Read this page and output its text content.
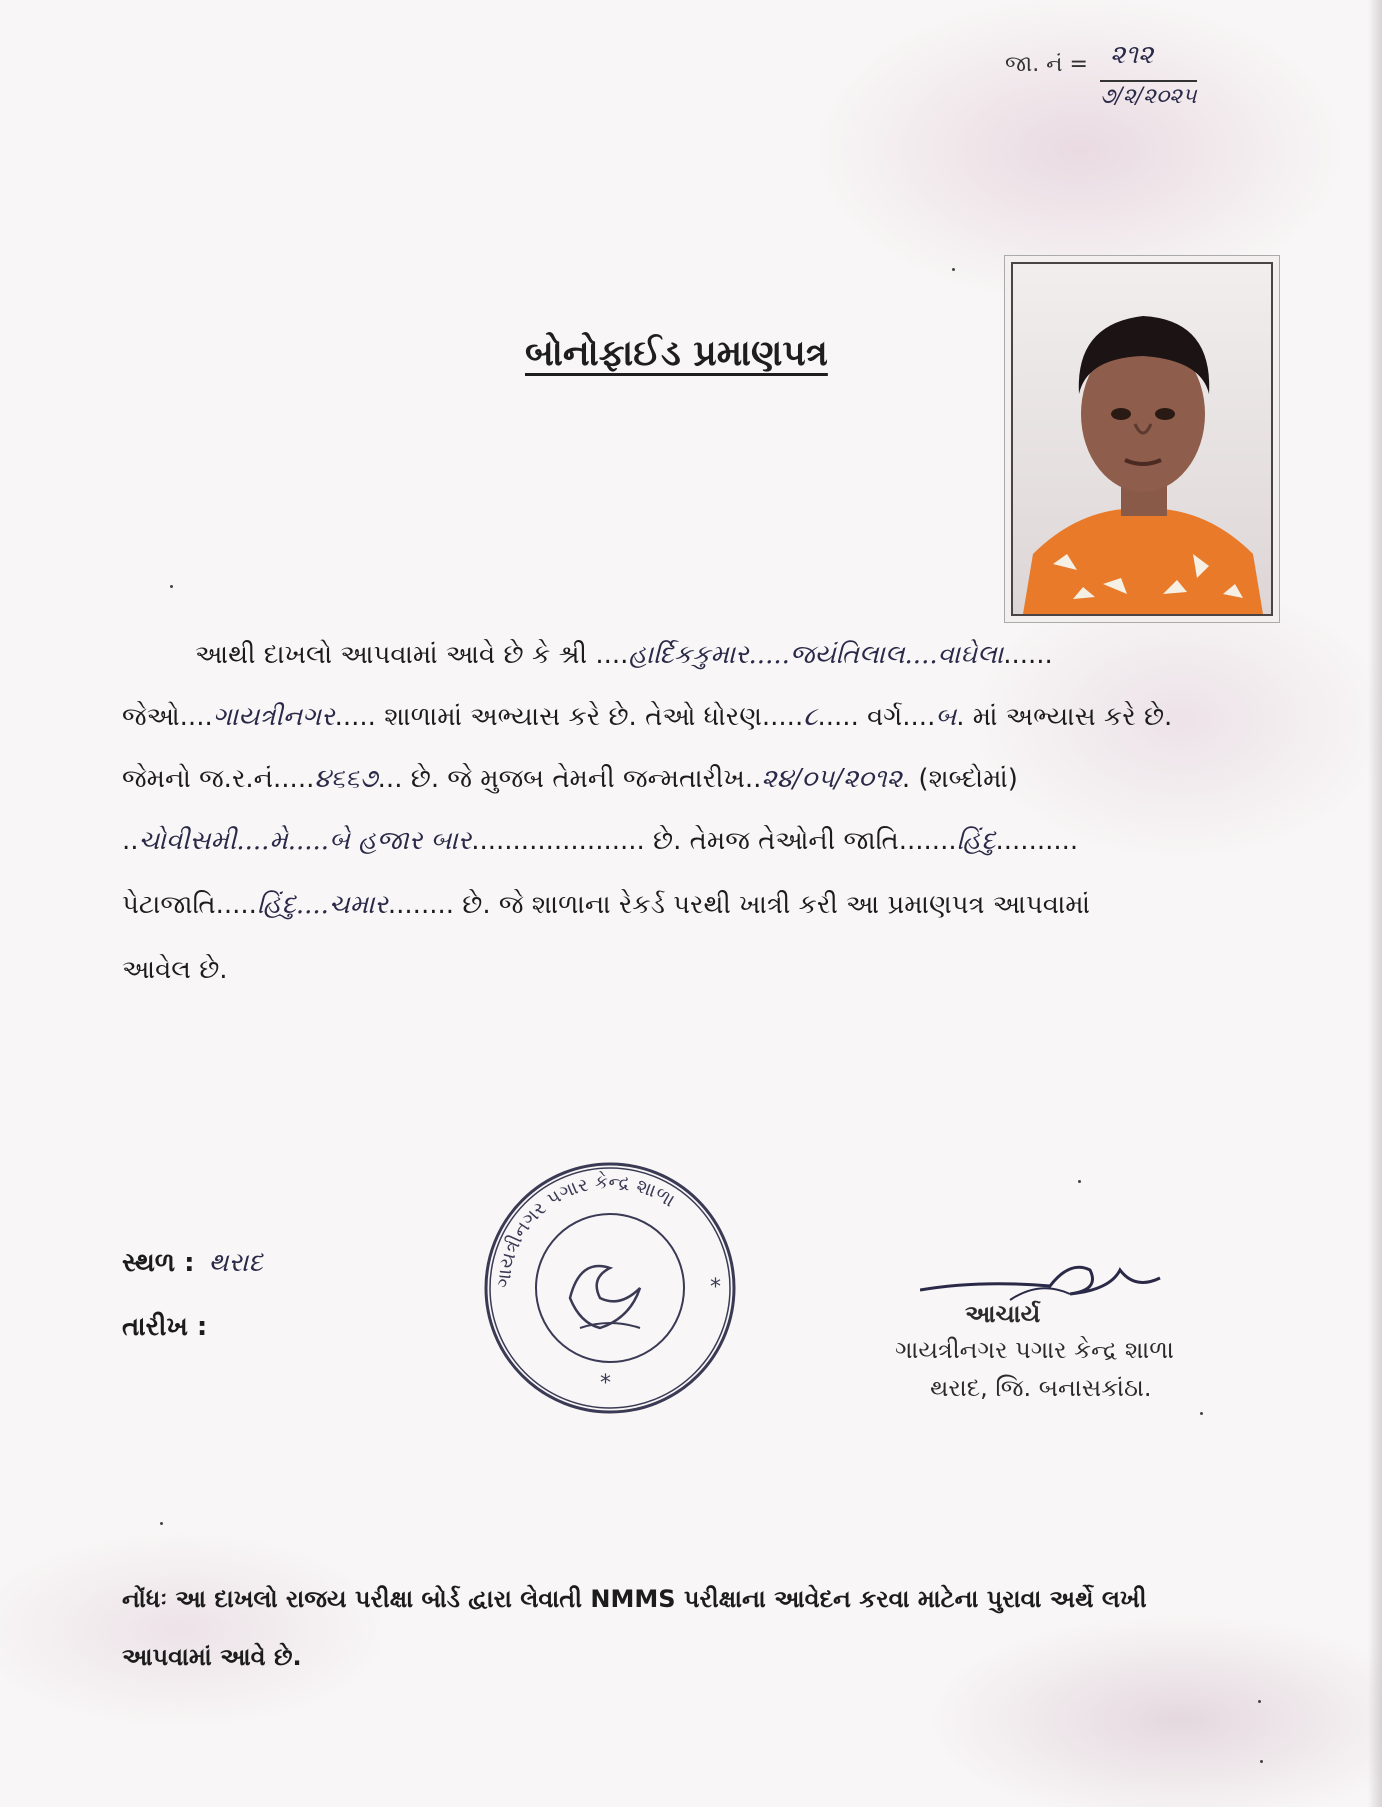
જા. નં = ૨૧૨
૭/૨/૨૦૨૫
બોનોફાઈડ પ્રમાણપત્ર
આથી દાખલો આપવામાં આવે છે કે શ્રી ....હાર્દિકકુમાર.....જયંતિલાલ....વાઘેલા......
જેઓ....ગાયત્રીનગર..... શાળામાં અભ્યાસ કરે છે. તેઓ ધોરણ.....૮..... વર્ગ....બ. માં અભ્યાસ કરે છે.
જેમનો જ.ર.નં.....૪૬૬૭... છે. જે મુજબ તેમની જન્મતારીખ..૨૪/૦૫/૨૦૧૨. (શબ્દોમાં)
..ચોવીસમી....મે.....બે હજાર બાર..................... છે. તેમજ તેઓની જાતિ.......હિંદુ..........
પેટાજાતિ.....હિંદુ....ચમાર........ છે. જે શાળાના રેકર્ડ પરથી ખાત્રી કરી આ પ્રમાણપત્ર આપવામાં
આવેલ છે.
સ્થળ : થરાદ
તારીખ :
ગાયત્રીનગર પગાર કેન્દ્ર શાળા
*
*
આચાર્ય
ગાયત્રીનગર પગાર કેન્દ્ર શાળા
થરાદ, જિ. બનાસકાંઠા.
નોંધઃ આ દાખલો રાજય પરીક્ષા બોર્ડ દ્વારા લેવાતી NMMS પરીક્ષાના આવેદન કરવા માટેના પુરાવા અર્થે લખી આપવામાં આવે છે.
